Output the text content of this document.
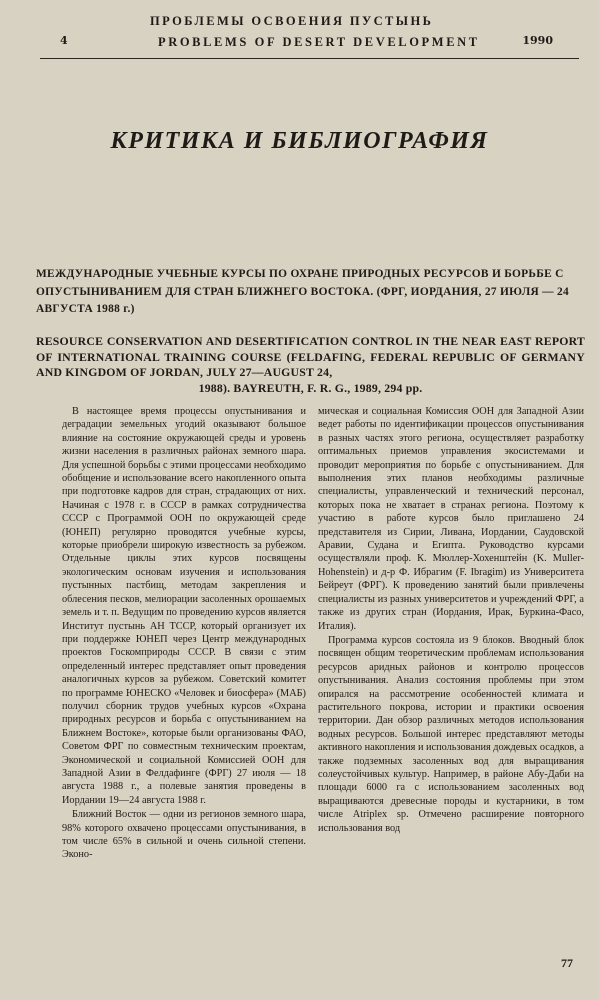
ПРОБЛЕМЫ ОСВОЕНИЯ ПУСТЫНЬ
4	PROBLEMS OF DESERT DEVELOPMENT	1990
КРИТИКА И БИБЛИОГРАФИЯ
МЕЖДУНАРОДНЫЕ УЧЕБНЫЕ КУРСЫ ПО ОХРАНЕ ПРИРОДНЫХ РЕСУРСОВ И БОРЬБЕ С ОПУСТЫНИВАНИЕМ ДЛЯ СТРАН БЛИЖНЕГО ВОСТОКА. (ФРГ, ИОРДАНИЯ, 27 ИЮЛЯ — 24 АВГУСТА 1988 г.)
RESOURCE CONSERVATION AND DESERTIFICATION CONTROL IN THE NEAR EAST REPORT OF INTERNATIONAL TRAINING COURSE (FELDAFING, FEDERAL REPUBLIC OF GERMANY AND KINGDOM OF JORDAN, JULY 27—AUGUST 24,
1988). BAYREUTH, F. R. G., 1989, 294 pp.

В настоящее время процессы опустынивания и деградации земельных угодий оказывают большое влияние на состояние окружающей среды и уровень жизни населения в различных районах земного шара. Для успешной борьбы с этими процессами необходимо обобщение и использование всего накопленного опыта при подготовке кадров для стран, страдающих от них. Начиная с 1978 г. в СССР в рамках сотрудничества СССР с Программой ООН по окружающей среде (ЮНЕП) регулярно проводятся учебные курсы, которые приобрели широкую известность за рубежом. Отдельные циклы этих курсов посвящены экологическим основам изучения и использования пустынных пастбищ, методам закрепления и облесения песков, мелиорации засоленных орошаемых земель и т. п. Ведущим по проведению курсов является Институт пустынь АН ТССР, который организует их при поддержке ЮНЕП через Центр международных проектов Госкомприроды СССР. В связи с этим определенный интерес представляет опыт проведения аналогичных курсов за рубежом. Советский комитет по программе ЮНЕСКО «Человек и биосфера» (МАБ) получил сборник трудов учебных курсов «Охрана природных ресурсов и борьба с опустыниванием на Ближнем Востоке», которые были организованы ФАО, Советом ФРГ по совместным техническим проектам, Экономической и социальной Комиссией ООН для Западной Азии в Фелдафинге (ФРГ) 27 июля — 18 августа 1988 г., а полевые занятия проведены в Иордании 19—24 августа 1988 г.

Ближний Восток — одни из регионов земного шара, 98% которого охвачено процессами опустынивания, в том числе 65% в сильной и очень сильной степени. Эконо-

мическая и социальная Комиссия ООН для Западной Азии ведет работы по идентификации процессов опустынивания в разных частях этого региона, осуществляет разработку оптимальных приемов управления экосистемами и проводит мероприятия по борьбе с опустыниванием. Для выполнения этих планов необходимы различные специалисты, управленческий и технический персонал, которых пока не хватает в странах региона. Поэтому к участию в работе курсов было приглашено 24 представителя из Сирии, Ливана, Иордании, Саудовской Аравии, Судана и Египта. Руководство курсами осуществляли проф. К. Мюллер-Хохенштейн (K. Muller-Hohenstein) и д-р Ф. Ибрагим (F. Ibragim) из Университета Бейреут (ФРГ). К проведению занятий были привлечены специалисты из разных университетов и учреждений ФРГ, а также из других стран (Иордания, Ирак, Буркина-Фасо, Италия).

Программа курсов состояла из 9 блоков. Вводный блок посвящен общим теоретическим проблемам использования ресурсов аридных районов и контролю процессов опустынивания. Анализ состояния проблемы при этом опирался на рассмотрение особенностей климата и растительного покрова, истории и практики освоения территории. Дан обзор различных методов использования водных ресурсов. Большой интерес представляют методы активного накопления и использования дождевых осадков, а также подземных засоленных вод для выращивания солеустойчивых культур. Например, в районе Абу-Даби на площади 6000 га с использованием засоленных вод выращиваются древесные породы и кустарники, в том числе Atriplex sp. Отмечено расширение повторного использования вод

77
